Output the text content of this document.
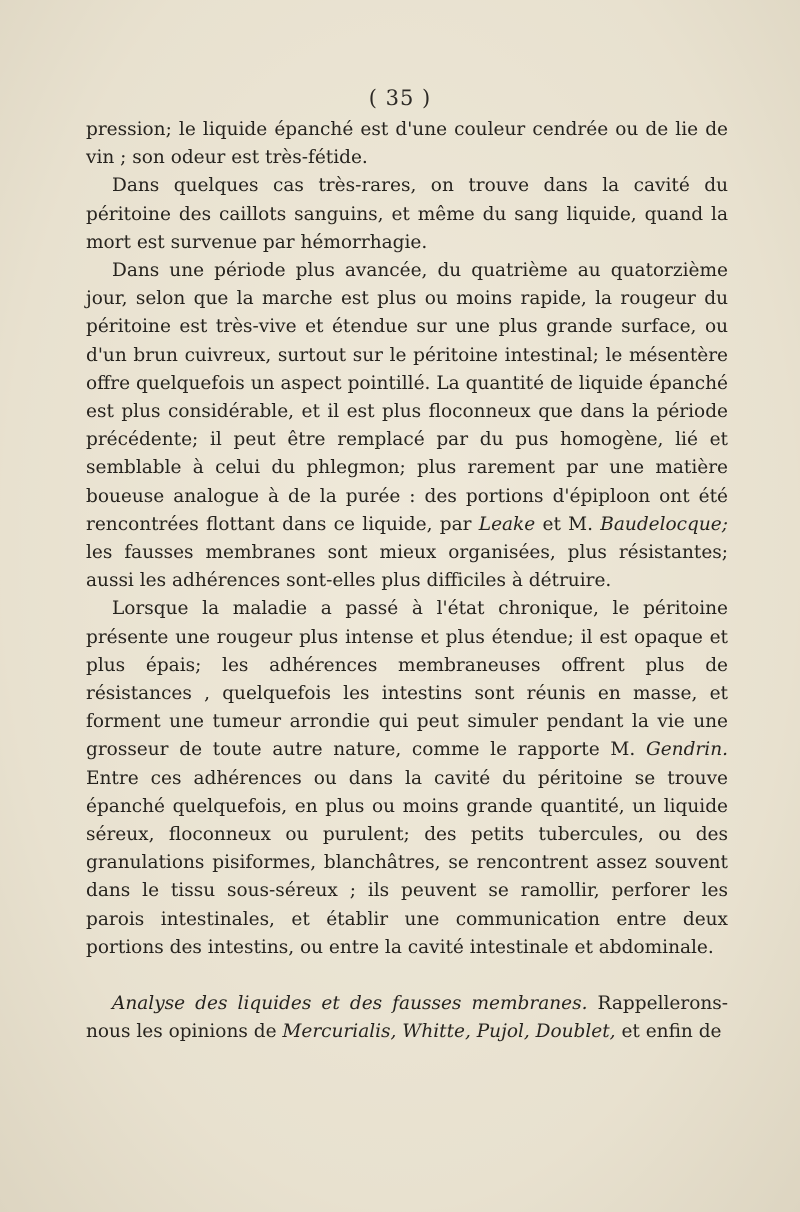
( 35 )

pression; le liquide épanché est d'une couleur cendrée ou de lie de vin ; son odeur est très-fétide.

Dans quelques cas très-rares, on trouve dans la cavité du péritoine des caillots sanguins, et même du sang liquide, quand la mort est survenue par hémorrhagie.

Dans une période plus avancée, du quatrième au quatorzième jour, selon que la marche est plus ou moins rapide, la rougeur du péritoine est très-vive et étendue sur une plus grande surface, ou d'un brun cuivreux, surtout sur le péritoine intestinal; le mésentère offre quelquefois un aspect pointillé. La quantité de liquide épanché est plus considérable, et il est plus floconneux que dans la période précédente; il peut être remplacé par du pus homogène, lié et semblable à celui du phlegmon; plus rarement par une matière boueuse analogue à de la purée : des portions d'épiploon ont été rencontrées flottant dans ce liquide, par Leake et M. Baudelocque; les fausses membranes sont mieux organisées, plus résistantes; aussi les adhérences sont-elles plus difficiles à détruire.

Lorsque la maladie a passé à l'état chronique, le péritoine présente une rougeur plus intense et plus étendue; il est opaque et plus épais; les adhérences membraneuses offrent plus de résistances , quelquefois les intestins sont réunis en masse, et forment une tumeur arrondie qui peut simuler pendant la vie une grosseur de toute autre nature, comme le rapporte M. Gendrin. Entre ces adhérences ou dans la cavité du péritoine se trouve épanché quelquefois, en plus ou moins grande quantité, un liquide séreux, floconneux ou purulent; des petits tubercules, ou des granulations pisiformes, blanchâtres, se rencontrent assez souvent dans le tissu sous-séreux ; ils peuvent se ramollir, perforer les parois intestinales, et établir une communication entre deux portions des intestins, ou entre la cavité intestinale et abdominale.

Analyse des liquides et des fausses membranes. Rappellerons-nous les opinions de Mercurialis, Whitte, Pujol, Doublet, et enfin de
